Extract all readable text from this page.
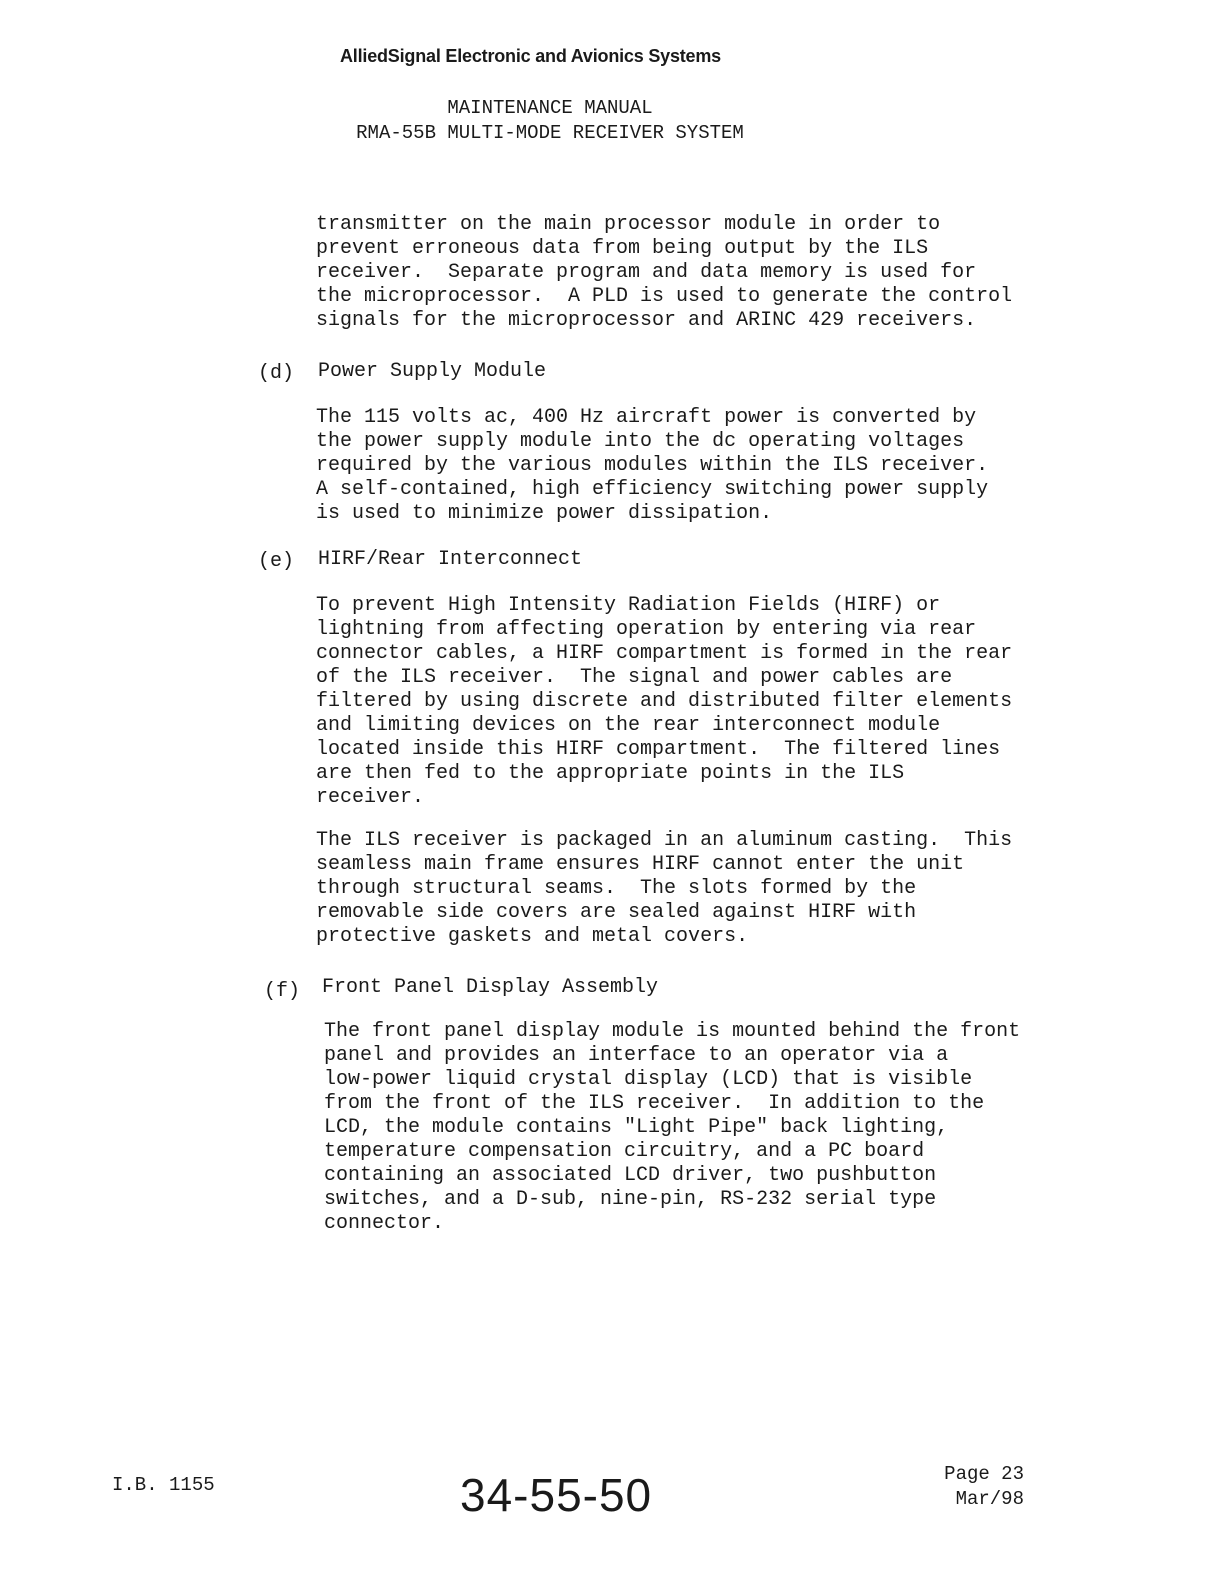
AlliedSignal Electronic and Avionics Systems
MAINTENANCE MANUAL
RMA-55B MULTI-MODE RECEIVER SYSTEM

transmitter on the main processor module in order to
prevent erroneous data from being output by the ILS
receiver.  Separate program and data memory is used for
the microprocessor.  A PLD is used to generate the control
signals for the microprocessor and ARINC 429 receivers.

(d) Power Supply Module

The 115 volts ac, 400 Hz aircraft power is converted by
the power supply module into the dc operating voltages
required by the various modules within the ILS receiver.
A self-contained, high efficiency switching power supply
is used to minimize power dissipation.

(e) HIRF/Rear Interconnect

To prevent High Intensity Radiation Fields (HIRF) or
lightning from affecting operation by entering via rear
connector cables, a HIRF compartment is formed in the rear
of the ILS receiver.  The signal and power cables are
filtered by using discrete and distributed filter elements
and limiting devices on the rear interconnect module
located inside this HIRF compartment.  The filtered lines
are then fed to the appropriate points in the ILS
receiver.

The ILS receiver is packaged in an aluminum casting.  This
seamless main frame ensures HIRF cannot enter the unit
through structural seams.  The slots formed by the
removable side covers are sealed against HIRF with
protective gaskets and metal covers.

(f) Front Panel Display Assembly

The front panel display module is mounted behind the front
panel and provides an interface to an operator via a
low-power liquid crystal display (LCD) that is visible
from the front of the ILS receiver.  In addition to the
LCD, the module contains "Light Pipe" back lighting,
temperature compensation circuitry, and a PC board
containing an associated LCD driver, two pushbutton
switches, and a D-sub, nine-pin, RS-232 serial type
connector.

I.B. 1155	34-55-50	Page 23
Mar/98
